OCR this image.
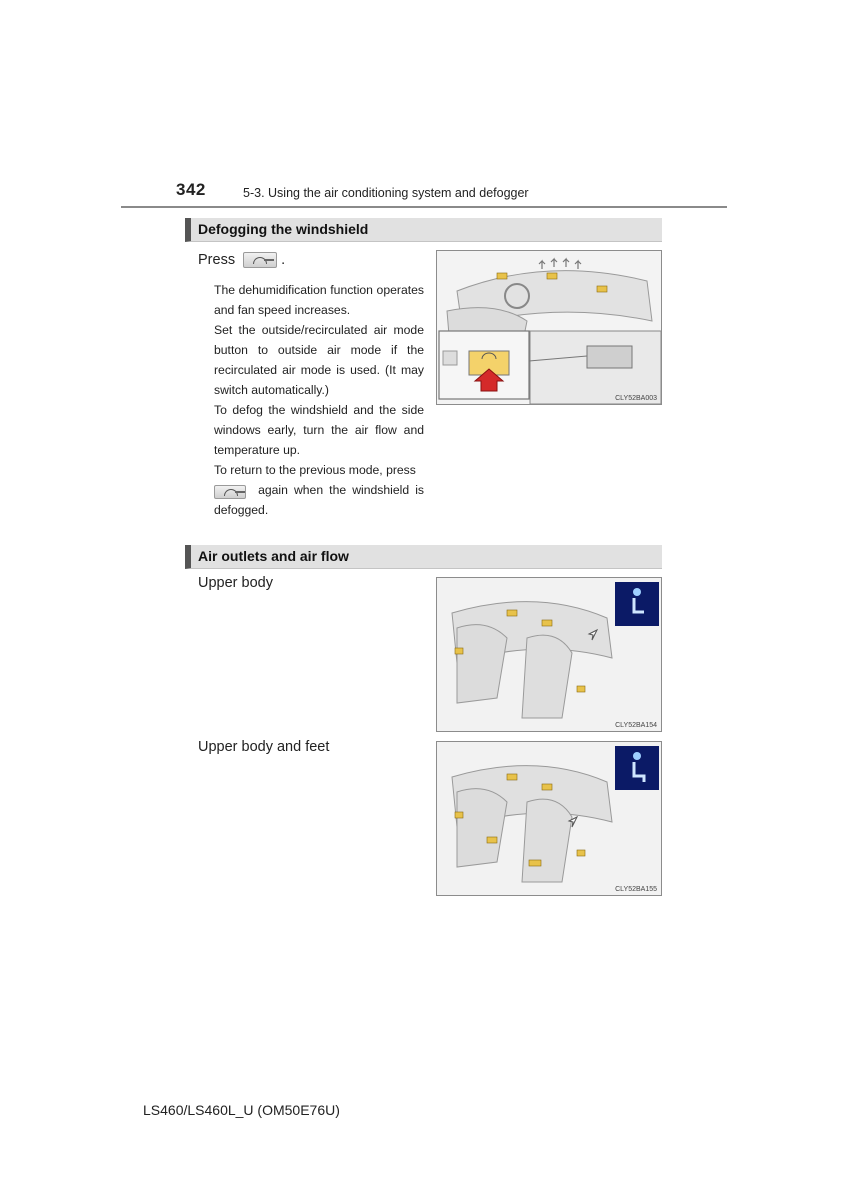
342	5-3. Using the air conditioning system and defogger
Defogging the windshield
Press	.

The dehumidification function operates and fan speed increases.

Set the outside/recirculated air mode button to outside air mode if the recirculated air mode is used. (It may switch automatically.)

To defog the windshield and the side windows early, turn the air flow and temperature up.

To return to the previous mode, press

again when the windshield is defogged.

CLY52BA003
Air outlets and air flow
Upper body
Upper body and feet
CLY52BA154
CLY52BA155
LS460/LS460L_U (OM50E76U)
